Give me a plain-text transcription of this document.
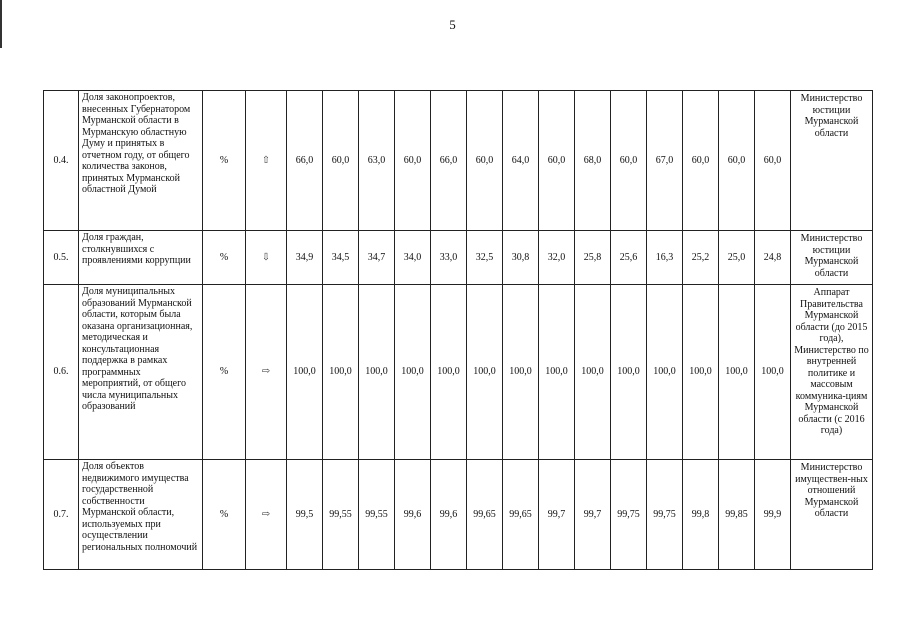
5
0.4.	Доля законопроектов, внесенных Губернатором Мурманской области в Мурманскую областную Думу и принятых в отчетном году, от общего количества законов, принятых Мурманской областной Думой	%	⇧	66,0	60,0	63,0	60,0	66,0	60,0	64,0	60,0	68,0	60,0	67,0	60,0	60,0	60,0	Министерство юстиции Мурманской области
0.5.	Доля граждан, столкнувшихся с проявлениями коррупции	%	⇩	34,9	34,5	34,7	34,0	33,0	32,5	30,8	32,0	25,8	25,6	16,3	25,2	25,0	24,8	Министерство юстиции Мурманской области
0.6.	Доля муниципальных образований Мурманской области, которым была оказана организационная, методическая и консультационная поддержка в рамках программных мероприятий, от общего числа муниципальных образований	%	⇨	100,0	100,0	100,0	100,0	100,0	100,0	100,0	100,0	100,0	100,0	100,0	100,0	100,0	100,0	Аппарат Правительства Мурманской области (до 2015 года), Министерство по внутренней политике и массовым коммуника-циям Мурманской области (с 2016 года)
0.7.	Доля объектов недвижимого имущества государственной собственности Мурманской области, используемых при осуществлении региональных полномочий	%	⇨	99,5	99,55	99,55	99,6	99,6	99,65	99,65	99,7	99,7	99,75	99,75	99,8	99,85	99,9	Министерство имуществен-ных отношений Мурманской области
